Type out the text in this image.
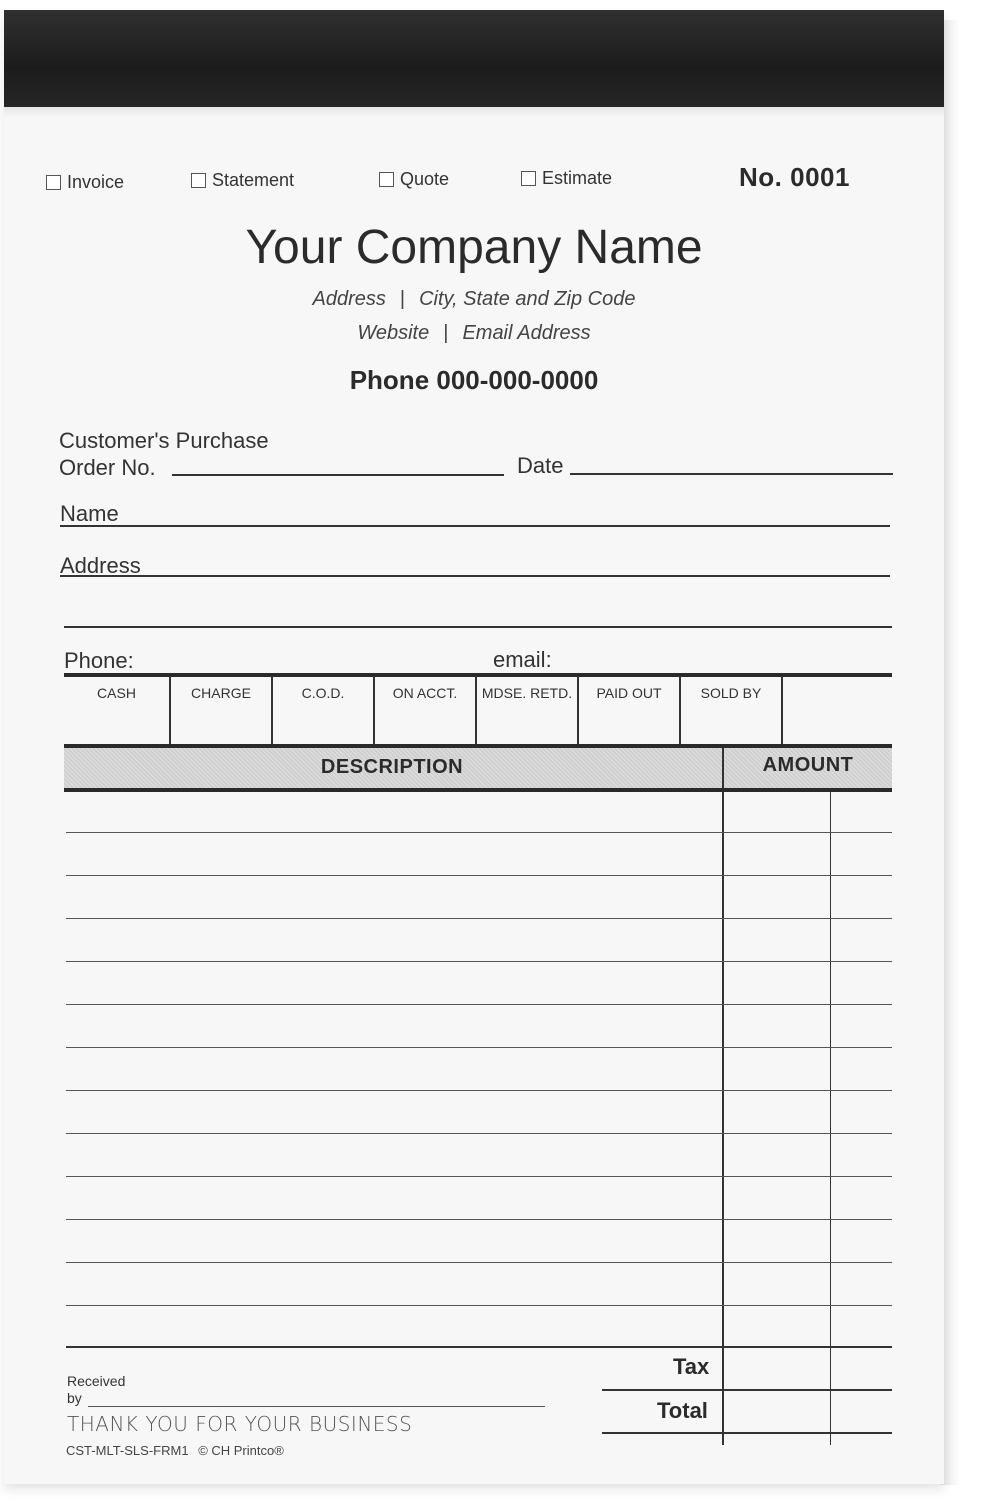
Invoice	Statement	Quote	Estimate	No. 0001
Your Company Name
Address | City, State and Zip Code
Website | Email Address
Phone 000-000-0000
Customer's Purchase
Order No.	Date
Name
Address
Phone:	email:
CASH	CHARGE	C.O.D.	ON ACCT.	MDSE. RETD.	PAID OUT	SOLD BY
DESCRIPTION	AMOUNT
Tax
Total
Received
by
THANK YOU FOR YOUR BUSINESS
CST-MLT-SLS-FRM1 © CH Printco®
